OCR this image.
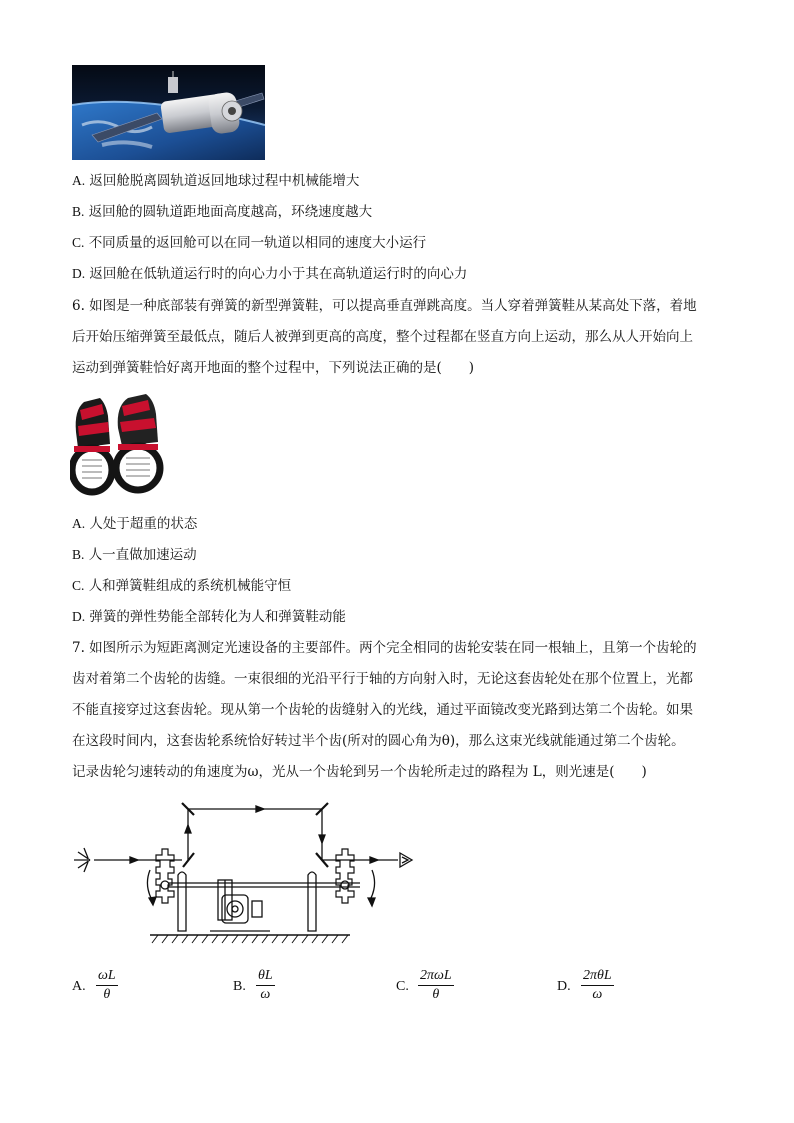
A. 返回舱脱离圆轨道返回地球过程中机械能增大
B. 返回舱的圆轨道距地面高度越高，环绕速度越大
C. 不同质量的返回舱可以在同一轨道以相同的速度大小运行
D. 返回舱在低轨道运行时的向心力小于其在高轨道运行时的向心力
6. 如图是一种底部装有弹簧的新型弹簧鞋，可以提高垂直弹跳高度。当人穿着弹簧鞋从某高处下落，着地
后开始压缩弹簧至最低点，随后人被弹到更高的高度，整个过程都在竖直方向上运动，那么从人开始向上
运动到弹簧鞋恰好离开地面的整个过程中，下列说法正确的是(　　)
A. 人处于超重的状态
B. 人一直做加速运动
C. 人和弹簧鞋组成的系统机械能守恒
D. 弹簧的弹性势能全部转化为人和弹簧鞋动能
7. 如图所示为短距离测定光速设备的主要部件。两个完全相同的齿轮安装在同一根轴上，且第一个齿轮的
齿对着第二个齿轮的齿缝。一束很细的光沿平行于轴的方向射入时，无论这套齿轮处在那个位置上，光都
不能直接穿过这套齿轮。现从第一个齿轮的齿缝射入的光线，通过平面镜改变光路到达第二个齿轮。如果
在这段时间内，这套齿轮系统恰好转过半个齿(所对的圆心角为θ)，那么这束光线就能通过第二个齿轮。
记录齿轮匀速转动的角速度为ω，光从一个齿轮到另一个齿轮所走过的路程为 L，则光速是(　　)
A. $\frac{\omega L}{\theta}$	B. $\frac{\theta L}{\omega}$	C.
2πωL
θ
D.
2πθL
ω
